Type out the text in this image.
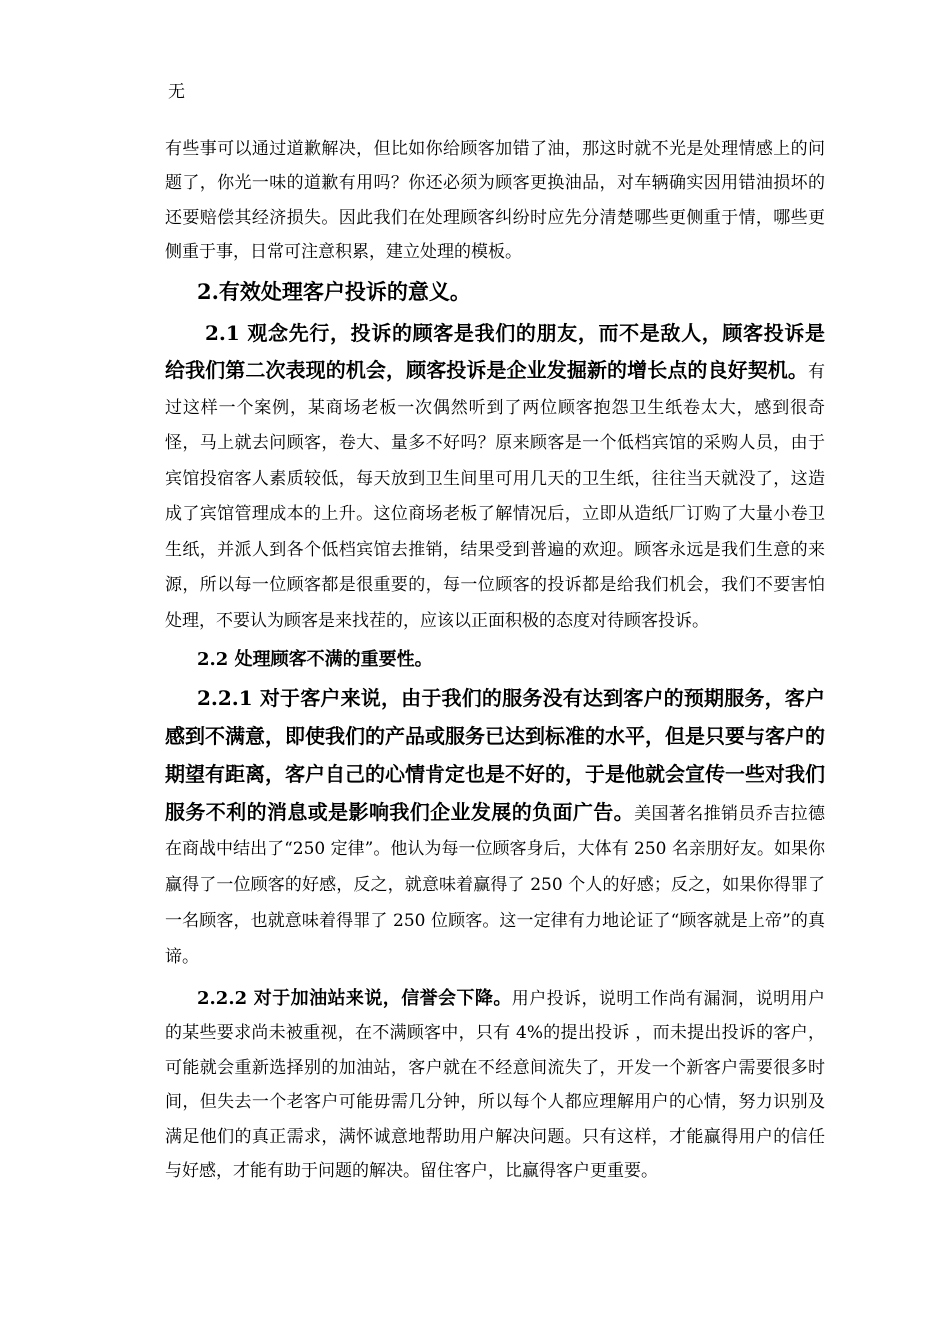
无

有些事可以通过道歉解决，但比如你给顾客加错了油，那这时就不光是处理情感上的问题了，你光一味的道歉有用吗？你还必须为顾客更换油品，对车辆确实因用错油损坏的还要赔偿其经济损失。因此我们在处理顾客纠纷时应先分清楚哪些更侧重于情，哪些更侧重于事，日常可注意积累，建立处理的模板。

2.有效处理客户投诉的意义。

2.1 观念先行，投诉的顾客是我们的朋友，而不是敌人，顾客投诉是给我们第二次表现的机会，顾客投诉是企业发掘新的增长点的良好契机。有过这样一个案例，某商场老板一次偶然听到了两位顾客抱怨卫生纸卷太大，感到很奇怪，马上就去问顾客，卷大、量多不好吗？原来顾客是一个低档宾馆的采购人员，由于宾馆投宿客人素质较低，每天放到卫生间里可用几天的卫生纸，往往当天就没了，这造成了宾馆管理成本的上升。这位商场老板了解情况后，立即从造纸厂订购了大量小卷卫生纸，并派人到各个低档宾馆去推销，结果受到普遍的欢迎。顾客永远是我们生意的来源，所以每一位顾客都是很重要的，每一位顾客的投诉都是给我们机会，我们不要害怕处理，不要认为顾客是来找茬的，应该以正面积极的态度对待顾客投诉。

2.2 处理顾客不满的重要性。

2.2.1 对于客户来说，由于我们的服务没有达到客户的预期服务，客户感到不满意，即使我们的产品或服务已达到标准的水平，但是只要与客户的期望有距离，客户自己的心情肯定也是不好的，于是他就会宣传一些对我们服务不利的消息或是影响我们企业发展的负面广告。美国著名推销员乔吉拉德在商战中结出了“250 定律”。他认为每一位顾客身后，大体有 250 名亲朋好友。如果你赢得了一位顾客的好感，反之，就意味着赢得了 250 个人的好感；反之，如果你得罪了一名顾客，也就意味着得罪了 250 位顾客。这一定律有力地论证了“顾客就是上帝”的真谛。

2.2.2 对于加油站来说，信誉会下降。用户投诉，说明工作尚有漏洞，说明用户的某些要求尚未被重视，在不满顾客中，只有 4%的提出投诉 ，而未提出投诉的客户，可能就会重新选择别的加油站，客户就在不经意间流失了，开发一个新客户需要很多时间，但失去一个老客户可能毋需几分钟，所以每个人都应理解用户的心情，努力识别及满足他们的真正需求，满怀诚意地帮助用户解决问题。只有这样，才能赢得用户的信任与好感，才能有助于问题的解决。留住客户，比赢得客户更重要。
